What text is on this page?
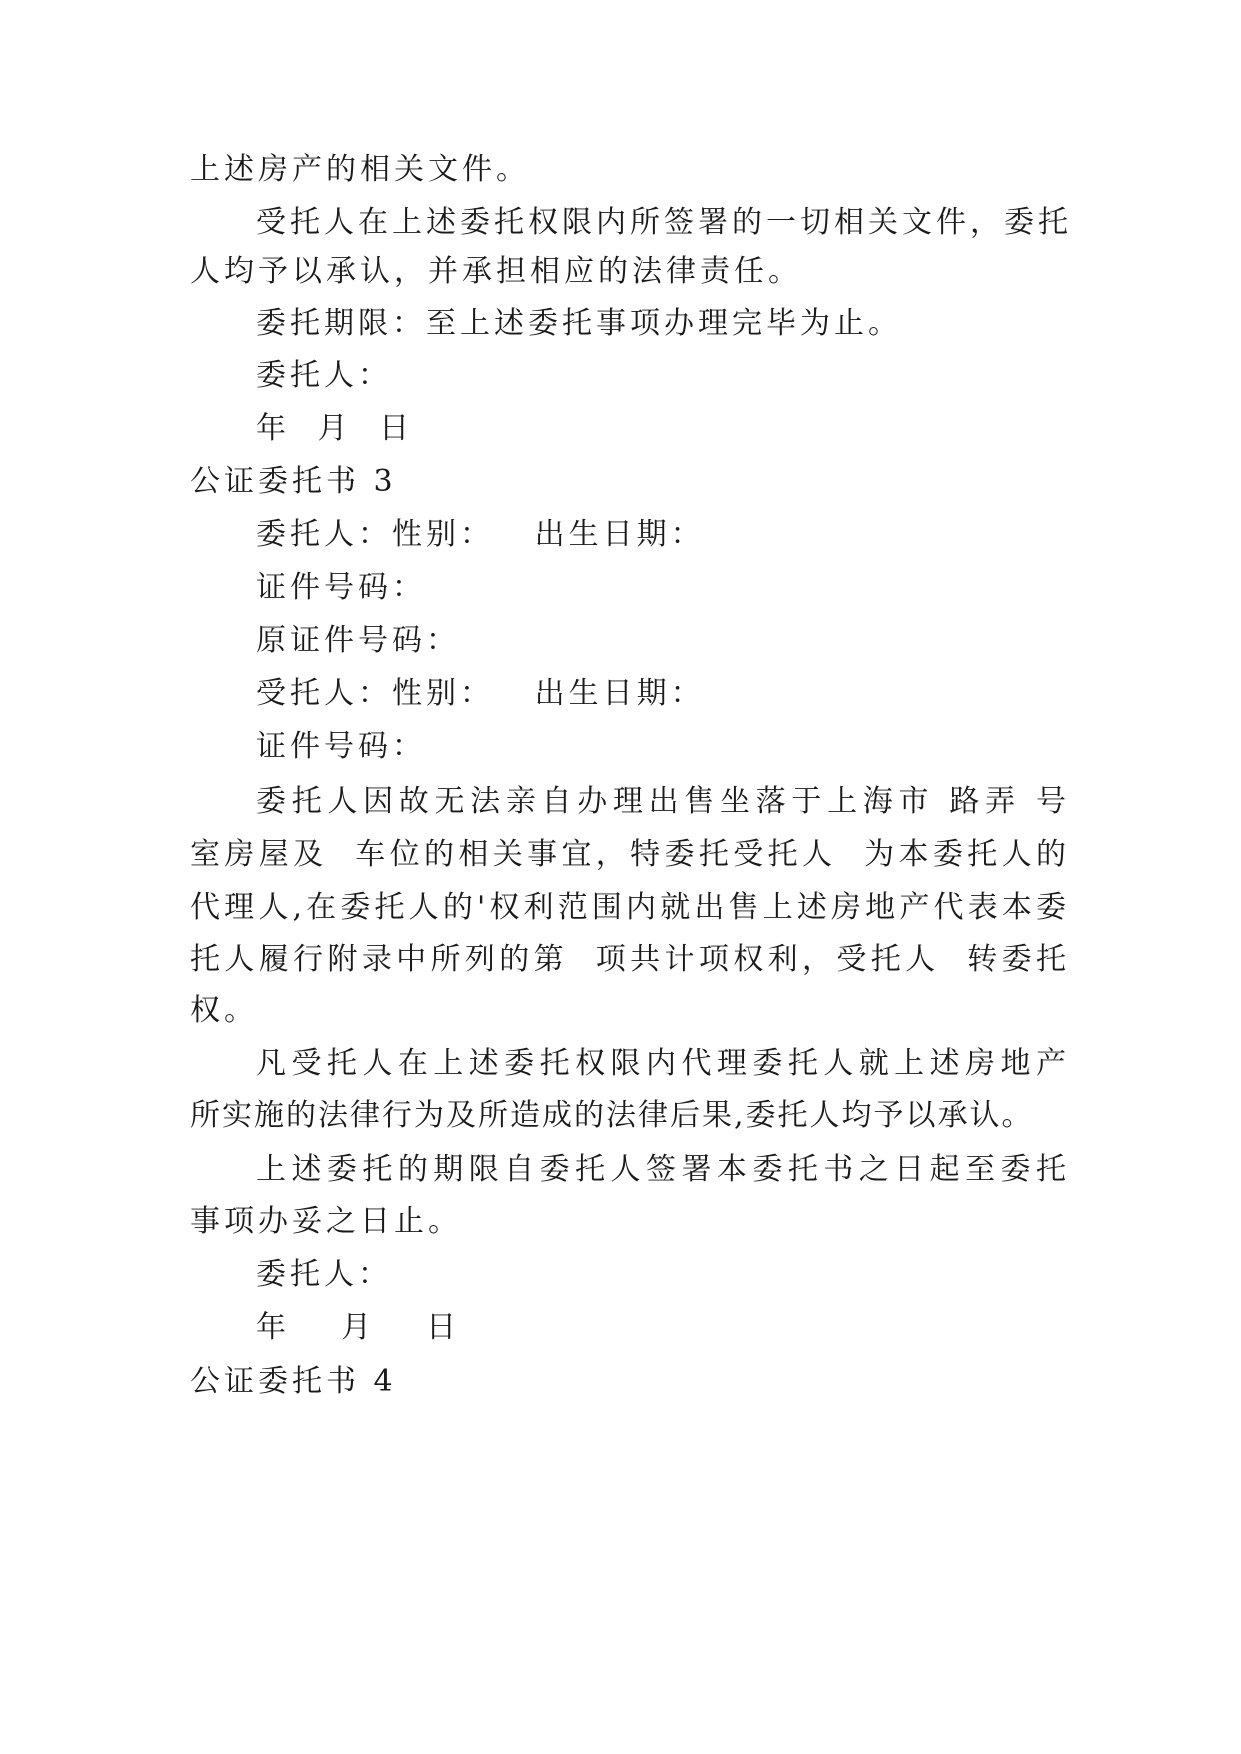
上述房产的相关文件。
受托人在上述委托权限内所签署的一切相关文件，委托
人均予以承认，并承担相应的法律责任。
委托期限：至上述委托事项办理完毕为止。
委托人：
年 月 日
公证委托书 3
委托人：性别：   出生日期：
证件号码：
原证件号码：
受托人：性别：   出生日期：
证件号码：
委托人因故无法亲自办理出售坐落于上海市 路弄 号
室房屋及  车位的相关事宜，特委托受托人  为本委托人的
代理人,在委托人的'权利范围内就出售上述房地产代表本委
托人履行附录中所列的第  项共计项权利，受托人  转委托
权。
凡受托人在上述委托权限内代理委托人就上述房地产
所实施的法律行为及所造成的法律后果,委托人均予以承认。
上述委托的期限自委托人签署本委托书之日起至委托
事项办妥之日止。
委托人：
年  月  日
公证委托书 4
